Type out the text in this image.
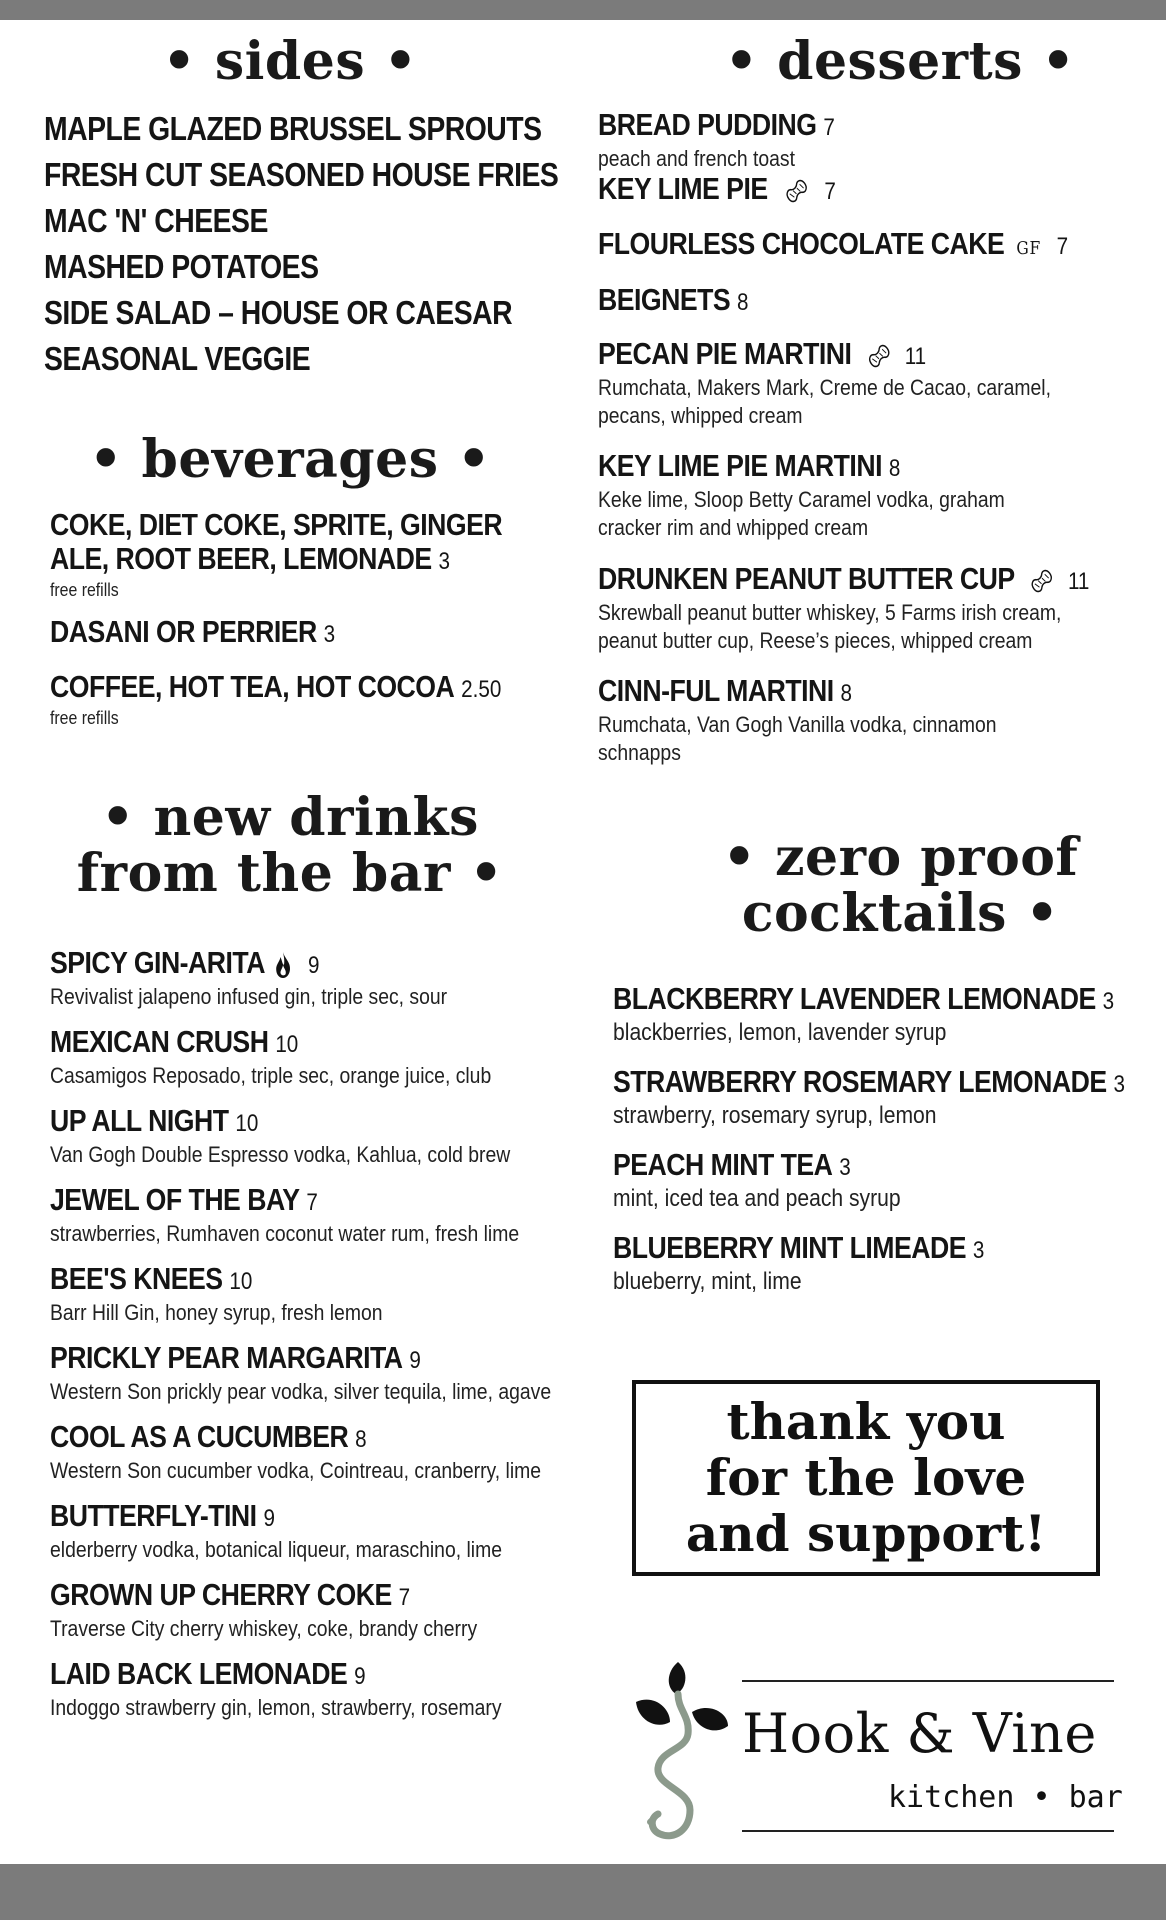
• sides •
MAPLE GLAZED BRUSSEL SPROUTS
FRESH CUT SEASONED HOUSE FRIES
MAC 'N' CHEESE
MASHED POTATOES
SIDE SALAD – HOUSE OR CAESAR
SEASONAL VEGGIE
• beverages •
COKE, DIET COKE, SPRITE, GINGER
ALE, ROOT BEER, LEMONADE 3
free refills
DASANI OR PERRIER 3
COFFEE, HOT TEA, HOT COCOA 2.50
free refills
• new drinks
from the bar •
SPICY GIN-ARITA 9
Revivalist jalapeno infused gin, triple sec, sour
MEXICAN CRUSH 10
Casamigos Reposado, triple sec, orange juice, club
UP ALL NIGHT 10
Van Gogh Double Espresso vodka, Kahlua, cold brew
JEWEL OF THE BAY 7
strawberries, Rumhaven coconut water rum, fresh lime
BEE'S KNEES 10
Barr Hill Gin, honey syrup, fresh lemon
PRICKLY PEAR MARGARITA 9
Western Son prickly pear vodka, silver tequila, lime, agave
COOL AS A CUCUMBER 8
Western Son cucumber vodka, Cointreau, cranberry, lime
BUTTERFLY-TINI 9
elderberry vodka, botanical liqueur, maraschino, lime
GROWN UP CHERRY COKE 7
Traverse City cherry whiskey, coke, brandy cherry
LAID BACK LEMONADE 9
Indoggo strawberry gin, lemon, strawberry, rosemary
• desserts •
BREAD PUDDING 7
peach and french toast
KEY LIME PIE 7
FLOURLESS CHOCOLATE CAKE GF 7
BEIGNETS 8
PECAN PIE MARTINI 11
Rumchata, Makers Mark, Creme de Cacao, caramel,
pecans, whipped cream
KEY LIME PIE MARTINI 8
Keke lime, Sloop Betty Caramel vodka, graham
cracker rim and whipped cream
DRUNKEN PEANUT BUTTER CUP 11
Skrewball peanut butter whiskey, 5 Farms irish cream,
peanut butter cup, Reese’s pieces, whipped cream
CINN-FUL MARTINI 8
Rumchata, Van Gogh Vanilla vodka, cinnamon
schnapps
• zero proof
cocktails •
BLACKBERRY LAVENDER LEMONADE 3
blackberries, lemon, lavender syrup
STRAWBERRY ROSEMARY LEMONADE 3
strawberry, rosemary syrup, lemon
PEACH MINT TEA 3
mint, iced tea and peach syrup
BLUEBERRY MINT LIMEADE 3
blueberry, mint, lime
thank you
for the love
and support!
Hook & Vine
kitchen • bar
